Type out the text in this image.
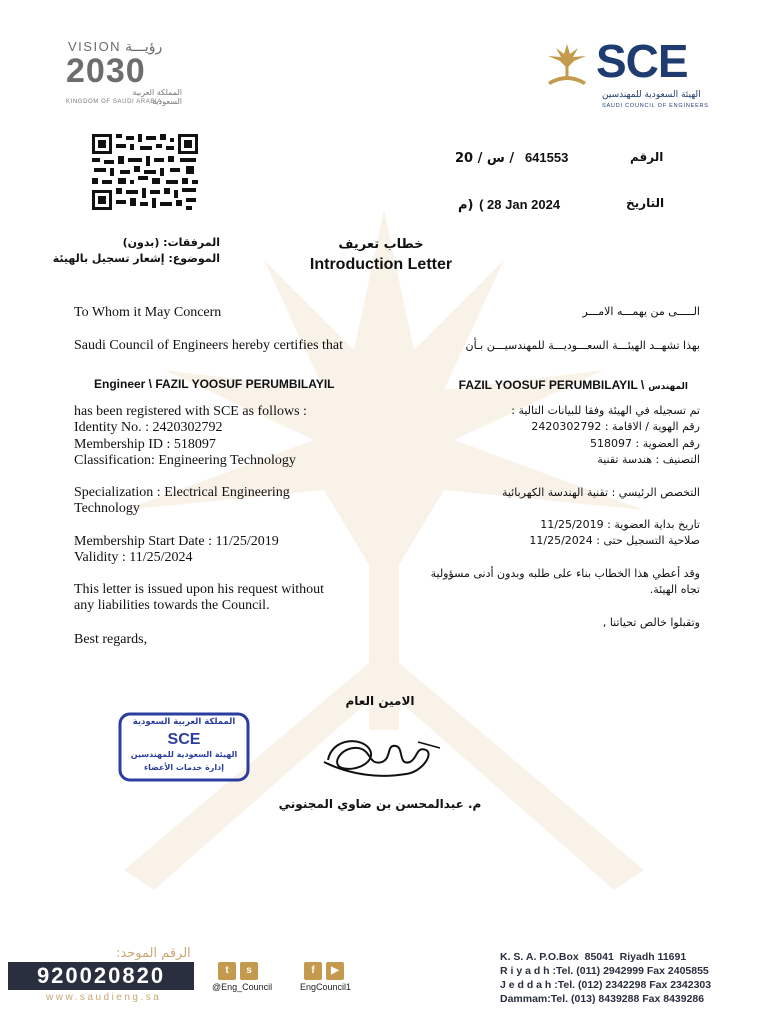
VISION رؤيـــة
2030
المملكة العربية السعودية
KINGDOM OF SAUDI ARABIA
SCE
الهيئة السعودية للمهندسين
SAUDI COUNCIL OF ENGINEERS
/ س / 20 641553	الرقم
م) ( 28 Jan 2024	التاريخ
المرفقات: (بدون)
الموضوع: إشعار تسجيل بالهيئة
خطاب تعريف
Introduction Letter
To Whom it May Concern
Saudi Council of Engineers hereby certifies that
Engineer \ FAZIL YOOSUF PERUMBILAYIL
has been registered with SCE as follows :
Identity No. : 2420302792
Membership ID : 518097
Classification: Engineering Technology
Specialization : Electrical Engineering
Technology
Membership Start Date : 11/25/2019
Validity : 11/25/2024
This letter is issued upon his request without
any liabilities towards the Council.
Best regards,
الـــــى من يهمـــه الامـــر
بهذا تشهــد الهيئـــة السعـــوديـــة للمهندسيـــن بـأن
FAZIL YOOSUF PERUMBILAYIL \ المهندس
تم تسجيله في الهيئة وفقا للبيانات التالية :
رقم الهوية / الاقامة : 2420302792
رقم العضوية : 518097
التصنيف : هندسة تقنية
التخصص الرئيسي : تقنية الهندسة الكهربائية
تاريخ بداية العضوية : 11/25/2019
صلاحية التسجيل حتى : 11/25/2024
وقد أعطي هذا الخطاب بناء على طلبه وبدون أدنى مسؤولية
تجاه الهيئة.
وتقبلوا خالص تحياتنا ,
الامين العام
م. عبدالمحسن بن ضاوي المجنوني
المملكة العربية السعودية
SCE
الهيئة السعودية للمهندسين
إدارة خدمات الأعضاء
الرقم الموحد:
920020820
www.saudieng.sa
t	s
@Eng_Council
f	▶
EngCouncil1
K. S. A. P.O.Box  85041  Riyadh 11691
R i y a d h :Tel. (011) 2942999 Fax 2405855
J e d d a h :Tel. (012) 2342298 Fax 2342303
Dammam:Tel. (013) 8439288 Fax 8439286
